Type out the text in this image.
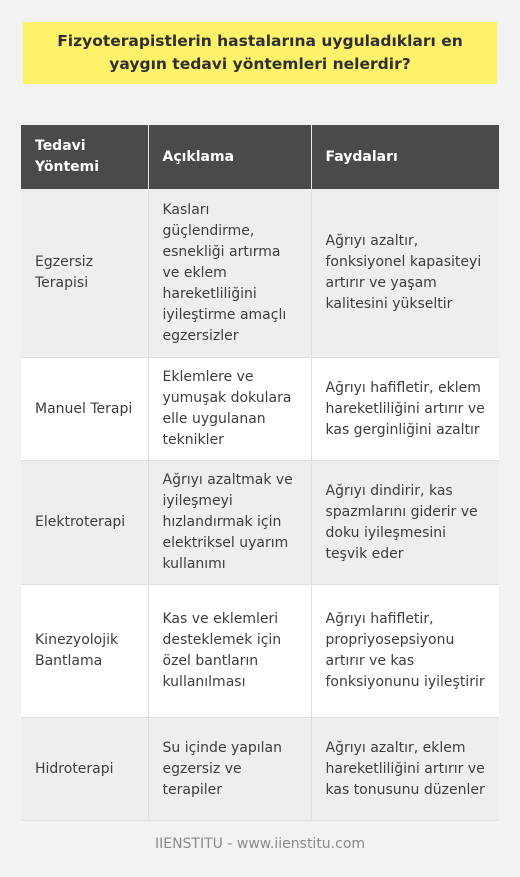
Fizyoterapistlerin hastalarına uyguladıkları en yaygın tedavi yöntemleri nelerdir?
Tedavi Yöntemi	Açıklama	Faydaları
Egzersiz Terapisi	Kasları güçlendirme, esnekliği artırma ve eklem hareketliliğini iyileştirme amaçlı egzersizler	Ağrıyı azaltır, fonksiyonel kapasiteyi artırır ve yaşam kalitesini yükseltir
Manuel Terapi	Eklemlere ve yumuşak dokulara elle uygulanan teknikler	Ağrıyı hafifletir, eklem hareketliliğini artırır ve kas gerginliğini azaltır
Elektroterapi	Ağrıyı azaltmak ve iyileşmeyi hızlandırmak için elektriksel uyarım kullanımı	Ağrıyı dindirir, kas spazmlarını giderir ve doku iyileşmesini teşvik eder
Kinezyolojik Bantlama	Kas ve eklemleri desteklemek için özel bantların kullanılması	Ağrıyı hafifletir, propriyosepsiyonu artırır ve kas fonksiyonunu iyileştirir
Hidroterapi	Su içinde yapılan egzersiz ve terapiler	Ağrıyı azaltır, eklem hareketliliğini artırır ve kas tonusunu düzenler
IIENSTITU - www.iienstitu.com
